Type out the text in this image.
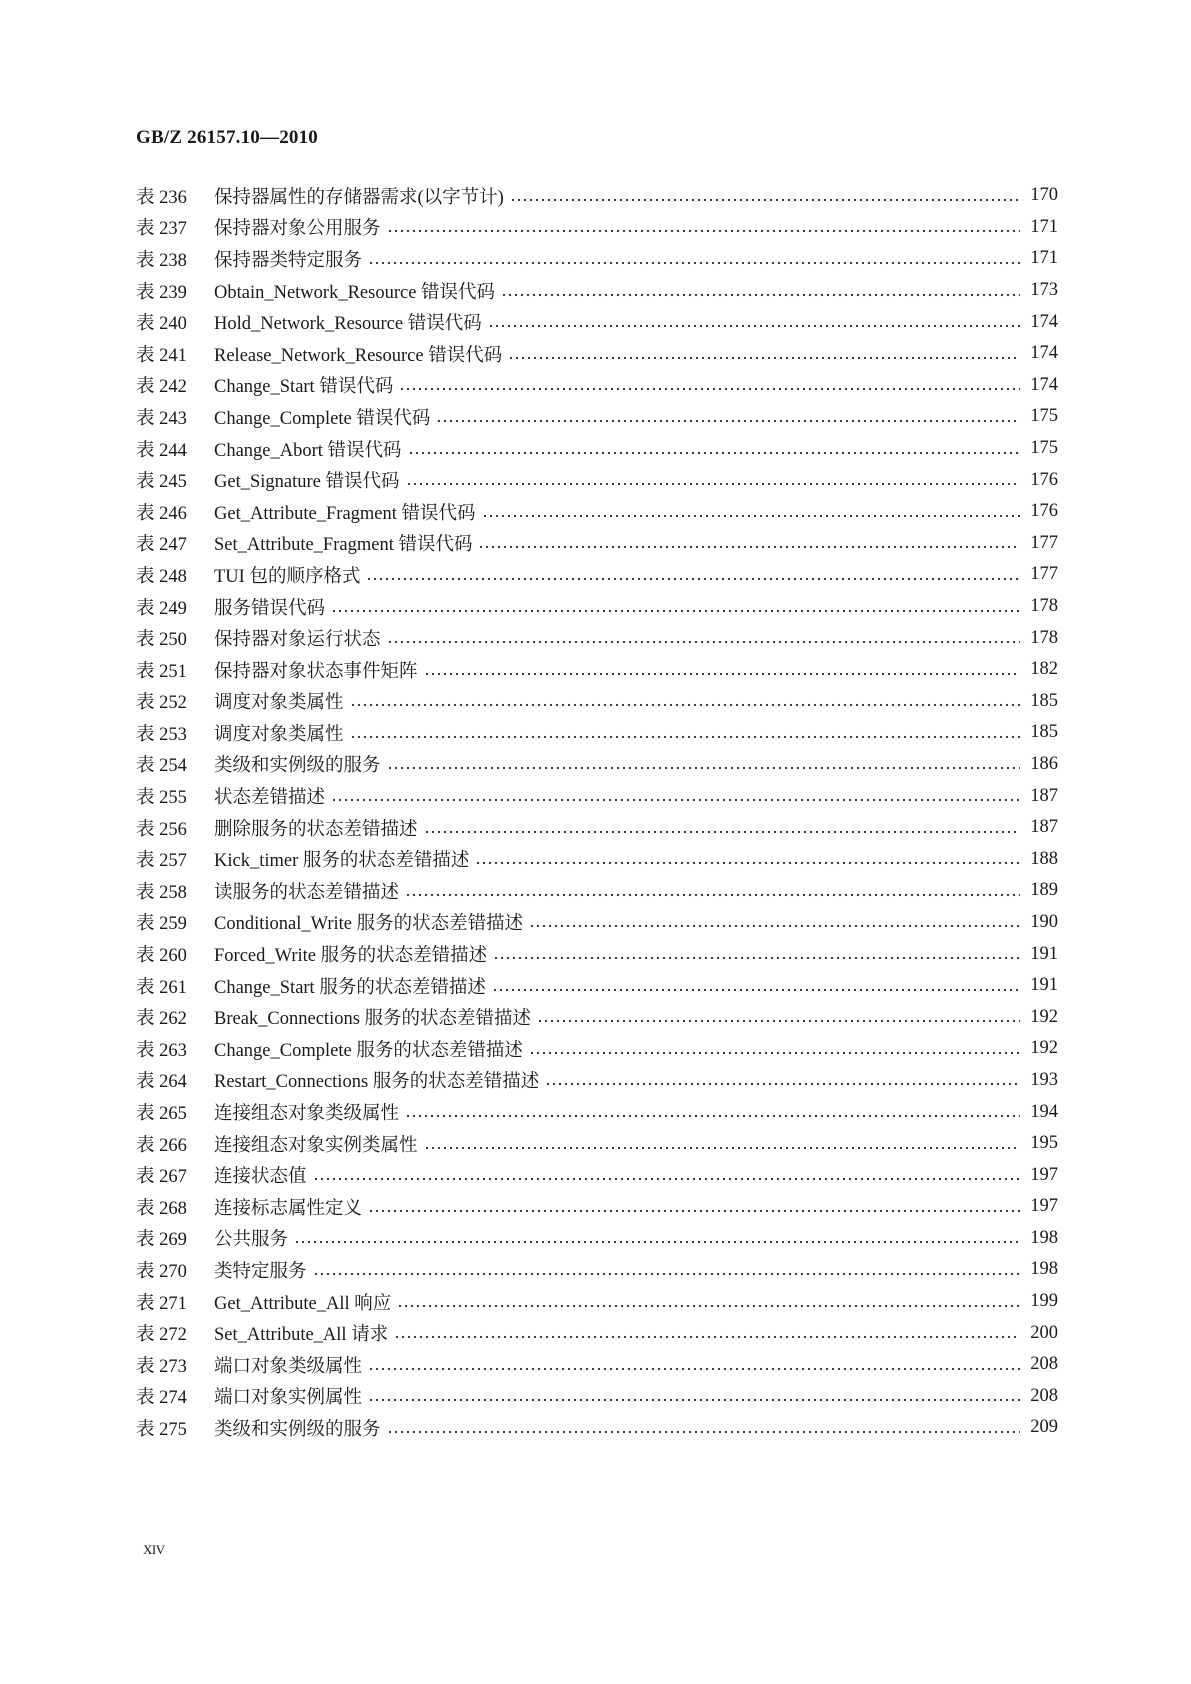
GB/Z 26157.10—2010
表 236	保持器属性的存储器需求(以字节计)	170
表 237	保持器对象公用服务	171
表 238	保持器类特定服务	171
表 239	Obtain_Network_Resource 错误代码	173
表 240	Hold_Network_Resource 错误代码	174
表 241	Release_Network_Resource 错误代码	174
表 242	Change_Start 错误代码	174
表 243	Change_Complete 错误代码	175
表 244	Change_Abort 错误代码	175
表 245	Get_Signature 错误代码	176
表 246	Get_Attribute_Fragment 错误代码	176
表 247	Set_Attribute_Fragment 错误代码	177
表 248	TUI 包的顺序格式	177
表 249	服务错误代码	178
表 250	保持器对象运行状态	178
表 251	保持器对象状态事件矩阵	182
表 252	调度对象类属性	185
表 253	调度对象类属性	185
表 254	类级和实例级的服务	186
表 255	状态差错描述	187
表 256	删除服务的状态差错描述	187
表 257	Kick_timer 服务的状态差错描述	188
表 258	读服务的状态差错描述	189
表 259	Conditional_Write 服务的状态差错描述	190
表 260	Forced_Write 服务的状态差错描述	191
表 261	Change_Start 服务的状态差错描述	191
表 262	Break_Connections 服务的状态差错描述	192
表 263	Change_Complete 服务的状态差错描述	192
表 264	Restart_Connections 服务的状态差错描述	193
表 265	连接组态对象类级属性	194
表 266	连接组态对象实例类属性	195
表 267	连接状态值	197
表 268	连接标志属性定义	197
表 269	公共服务	198
表 270	类特定服务	198
表 271	Get_Attribute_All 响应	199
表 272	Set_Attribute_All 请求	200
表 273	端口对象类级属性	208
表 274	端口对象实例属性	208
表 275	类级和实例级的服务	209
XIV
